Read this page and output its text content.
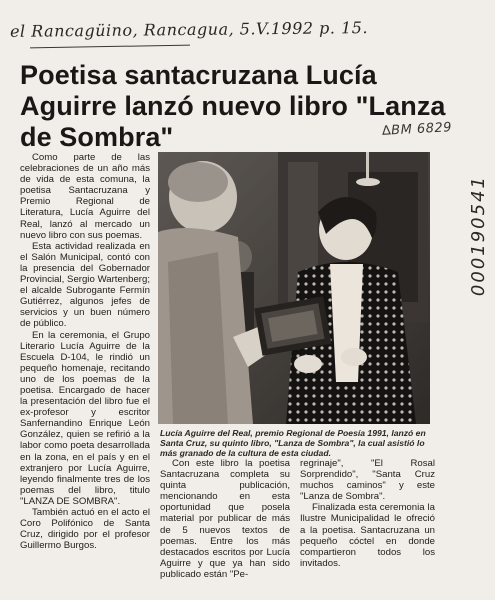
el Rancagüino, Rancagua, 5.V.1992 p. 15.
Poetisa santacruzana Lucía Aguirre lanzó nuevo libro "Lanza de Sombra"	∆BM 6829
000190541

Como parte de las celebraciones de un año más de vida de esta comuna, la poetisa Santacruzana y Premio Regional de Literatura, Lucía Aguirre del Real, lanzó al mercado un nuevo libro con sus poemas.

Esta actividad realizada en el Salón Municipal, contó con la presencia del Gobernador Provincial, Sergio Wartenberg; el alcalde Subrogante Fermín Gutiérrez, algunos jefes de servicios y un buen número de público.

En la ceremonia, el Grupo Literario Lucía Aguirre de la Escuela D-104, le rindió un pequeño homenaje, recitando uno de los poemas de la poetisa. Encargado de hacer la presentación del libro fue el ex-profesor y escritor Sanfernandino Enrique León González, quien se refirió a la labor como poeta desarrollada en la zona, en el país y en el extranjero por Lucía Aguirre, leyendo finalmente tres de los poemas del libro, titulo "LANZA DE SOMBRA".

También actuó en el acto el Coro Polifónico de Santa Cruz, dirigido por el profesor Guillermo Burgos.

Lucía Aguirre del Real, premio Regional de Poesía 1991, lanzó en Santa Cruz, su quinto libro, "Lanza de Sombra", la cual asistió lo más granado de la cultura de esta ciudad.

Con este libro la poetisa Santacruzana completa su quinta publicación, mencionando en esta oportunidad que posela material por publicar de más de 5 nuevos textos de poemas. Entre los más destacados escritos por Lucía Aguirre y que ya han sido publicado están "Pe-

regrinaje", "El Rosal Sorprendido", "Santa Cruz muchos caminos" y este "Lanza de Sombra".

Finalizada esta ceremonia la Ilustre Municipalidad le ofreció a la poetisa. Santacruzana un pequeño cóctel en donde compartieron todos los invitados.
